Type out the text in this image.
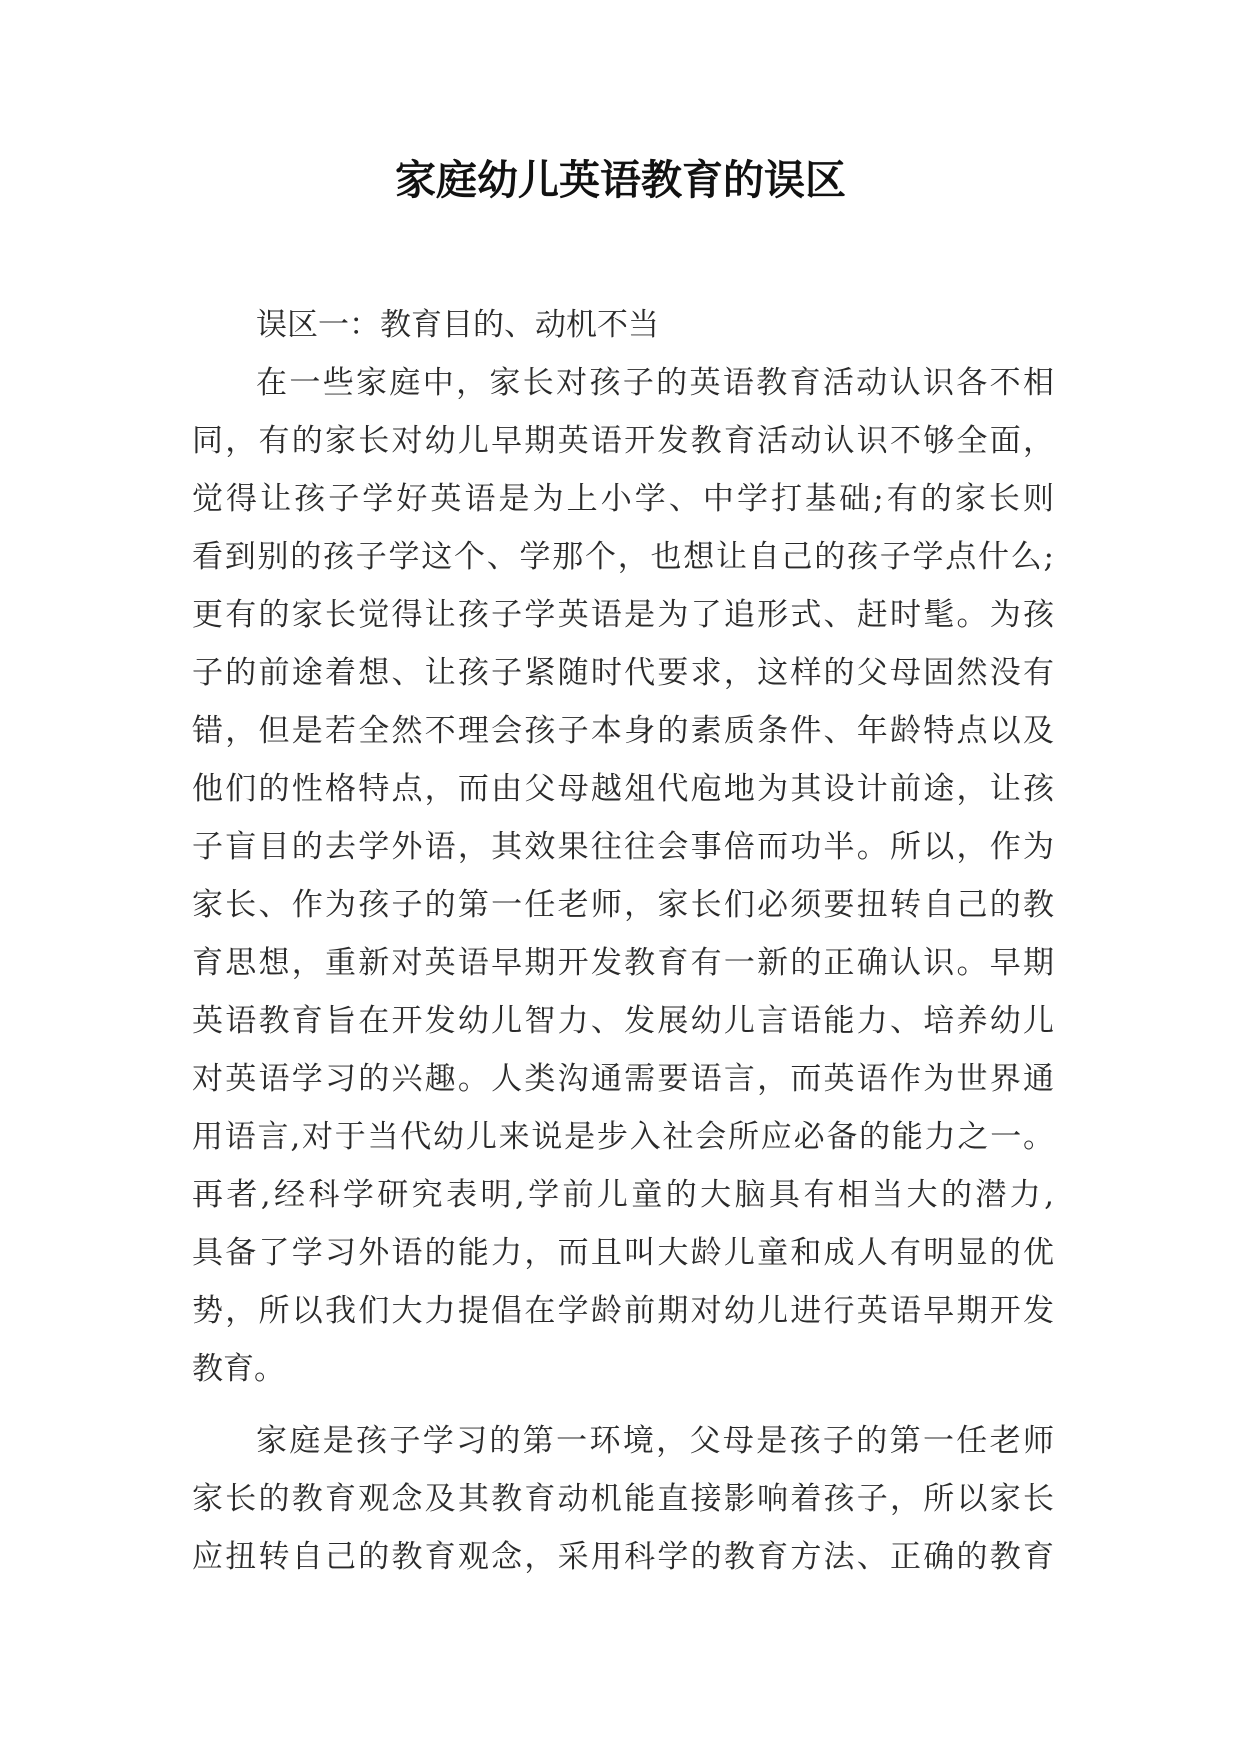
家庭幼儿英语教育的误区
误区一：教育目的、动机不当
在一些家庭中，家长对孩子的英语教育活动认识各不相
同，有的家长对幼儿早期英语开发教育活动认识不够全面，
觉得让孩子学好英语是为上小学、中学打基础;有的家长则
看到别的孩子学这个、学那个，也想让自己的孩子学点什么;
更有的家长觉得让孩子学英语是为了追形式、赶时髦。为孩
子的前途着想、让孩子紧随时代要求，这样的父母固然没有
错，但是若全然不理会孩子本身的素质条件、年龄特点以及
他们的性格特点，而由父母越俎代庖地为其设计前途，让孩
子盲目的去学外语，其效果往往会事倍而功半。所以，作为
家长、作为孩子的第一任老师，家长们必须要扭转自己的教
育思想，重新对英语早期开发教育有一新的正确认识。早期
英语教育旨在开发幼儿智力、发展幼儿言语能力、培养幼儿
对英语学习的兴趣。人类沟通需要语言，而英语作为世界通
用语言,对于当代幼儿来说是步入社会所应必备的能力之一。
再者,经科学研究表明,学前儿童的大脑具有相当大的潜力,
具备了学习外语的能力，而且叫大龄儿童和成人有明显的优
势，所以我们大力提倡在学龄前期对幼儿进行英语早期开发
教育。
家庭是孩子学习的第一环境，父母是孩子的第一任老师
家长的教育观念及其教育动机能直接影响着孩子，所以家长
应扭转自己的教育观念，采用科学的教育方法、正确的教育
